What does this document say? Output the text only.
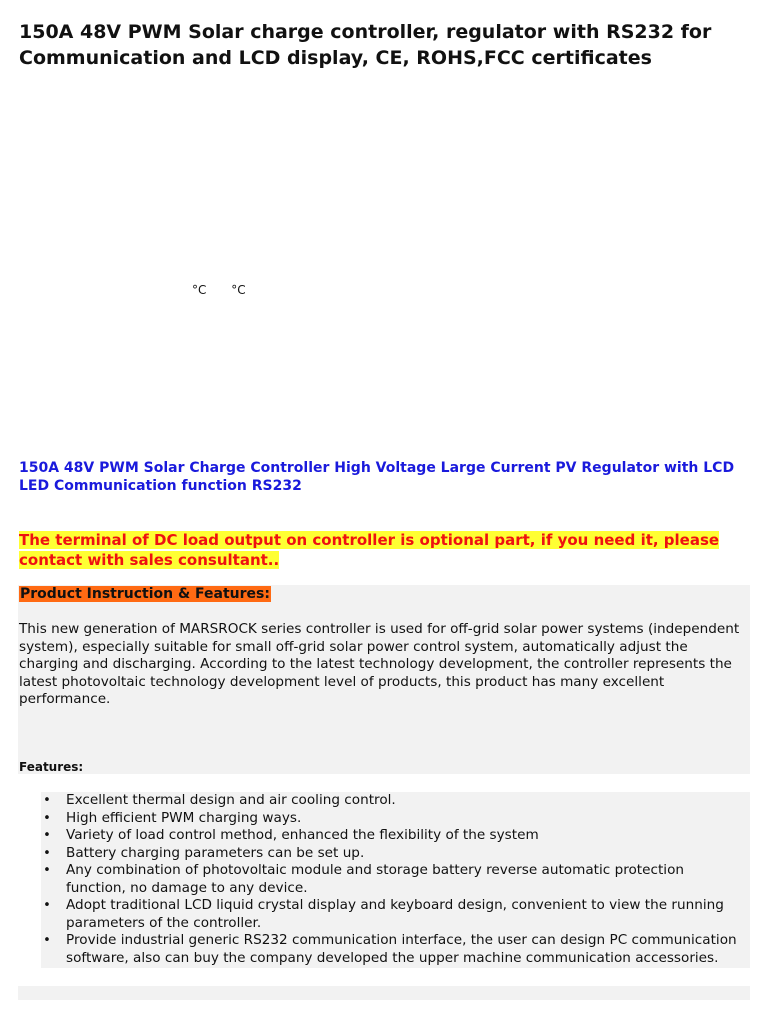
150A 48V PWM Solar charge controller, regulator with RS232 for Communication and LCD display, CE, ROHS,FCC certificates
°C °C
150A 48V PWM Solar Charge Controller High Voltage Large Current PV Regulator with LCD LED Communication function RS232

The terminal of DC load output on controller is optional part, if you need it, please contact with sales consultant..

Product Instruction & Features:

This new generation of MARSROCK series controller is used for off-grid solar power systems (independent system), especially suitable for small off-grid solar power control system, automatically adjust the charging and discharging. According to the latest technology development, the controller represents the latest photovoltaic technology development level of products, this product has many excellent performance.

Features:

• Excellent thermal design and air cooling control.
• High efficient PWM charging ways.
• Variety of load control method, enhanced the flexibility of the system
• Battery charging parameters can be set up.
• Any combination of photovoltaic module and storage battery reverse automatic protection function, no damage to any device.
• Adopt traditional LCD liquid crystal display and keyboard design, convenient to view the running parameters of the controller.
• Provide industrial generic RS232 communication interface, the user can design PC communication software, also can buy the company developed the upper machine communication accessories.
